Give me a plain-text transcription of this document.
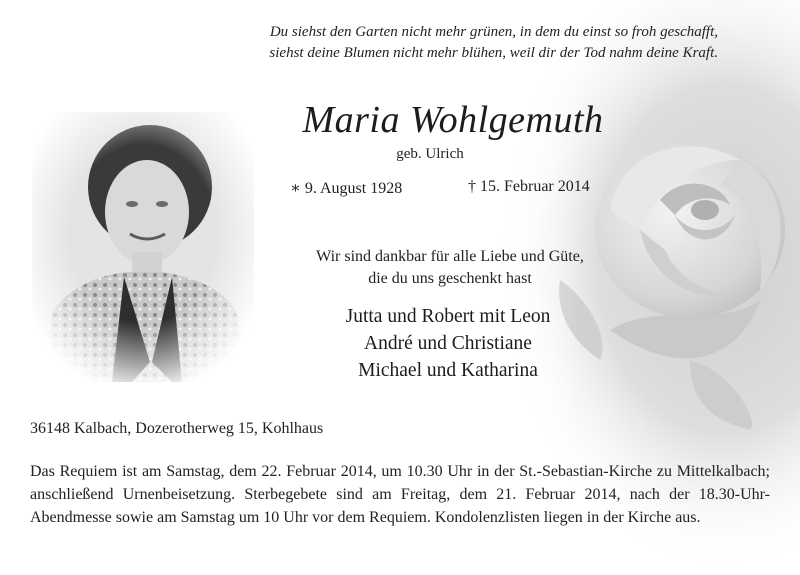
Du siehst den Garten nicht mehr grünen, in dem du einst so froh geschafft,
siehst deine Blumen nicht mehr blühen, weil dir der Tod nahm deine Kraft.
Maria Wohlgemuth
geb. Ulrich
∗ 9. August 1928	† 15. Februar 2014
Wir sind dankbar für alle Liebe und Güte,
die du uns geschenkt hast
Jutta und Robert mit Leon
André und Christiane
Michael und Katharina
36148 Kalbach, Dozerotherweg 15, Kohlhaus
Das Requiem ist am Samstag, dem 22. Februar 2014, um 10.30 Uhr in der St.-Sebastian-Kirche zu Mittelkalbach; anschließend Urnenbeisetzung. Sterbegebete sind am Freitag, dem 21. Februar 2014, nach der 18.30-Uhr-Abendmesse sowie am Samstag um 10 Uhr vor dem Requiem. Kondolenzlisten liegen in der Kirche aus.
